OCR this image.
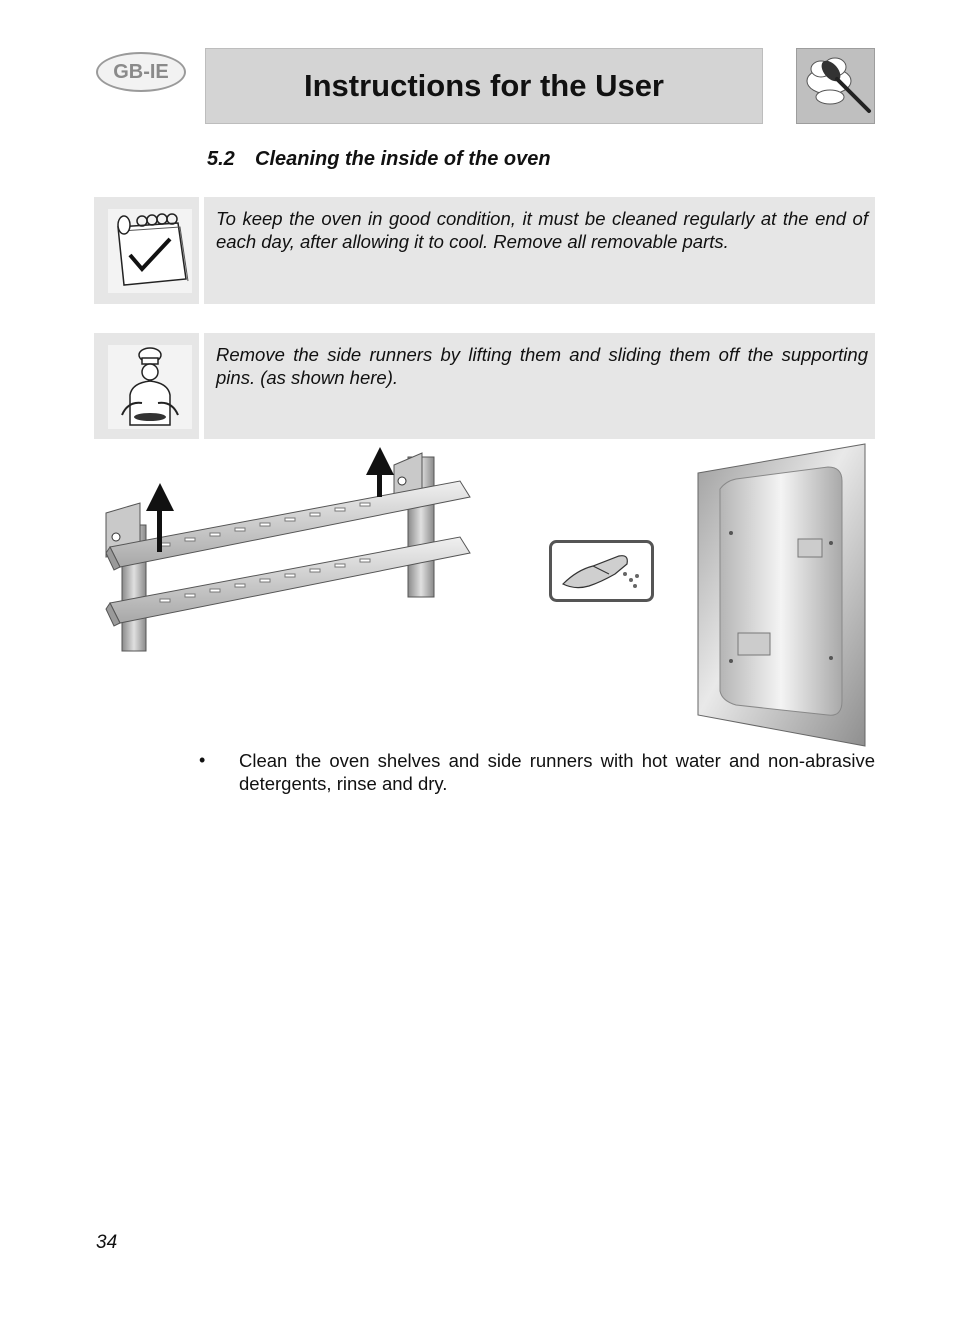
GB-IE	Instructions for the User
5.2 Cleaning the inside of the oven

To keep the oven in good condition, it must be cleaned regularly at the end of each day, after allowing it to cool. Remove all removable parts.

Remove the side runners by lifting them and sliding them off the supporting pins. (as shown here).

• Clean the oven shelves and side runners with hot water and non-abrasive detergents, rinse and dry.

34
